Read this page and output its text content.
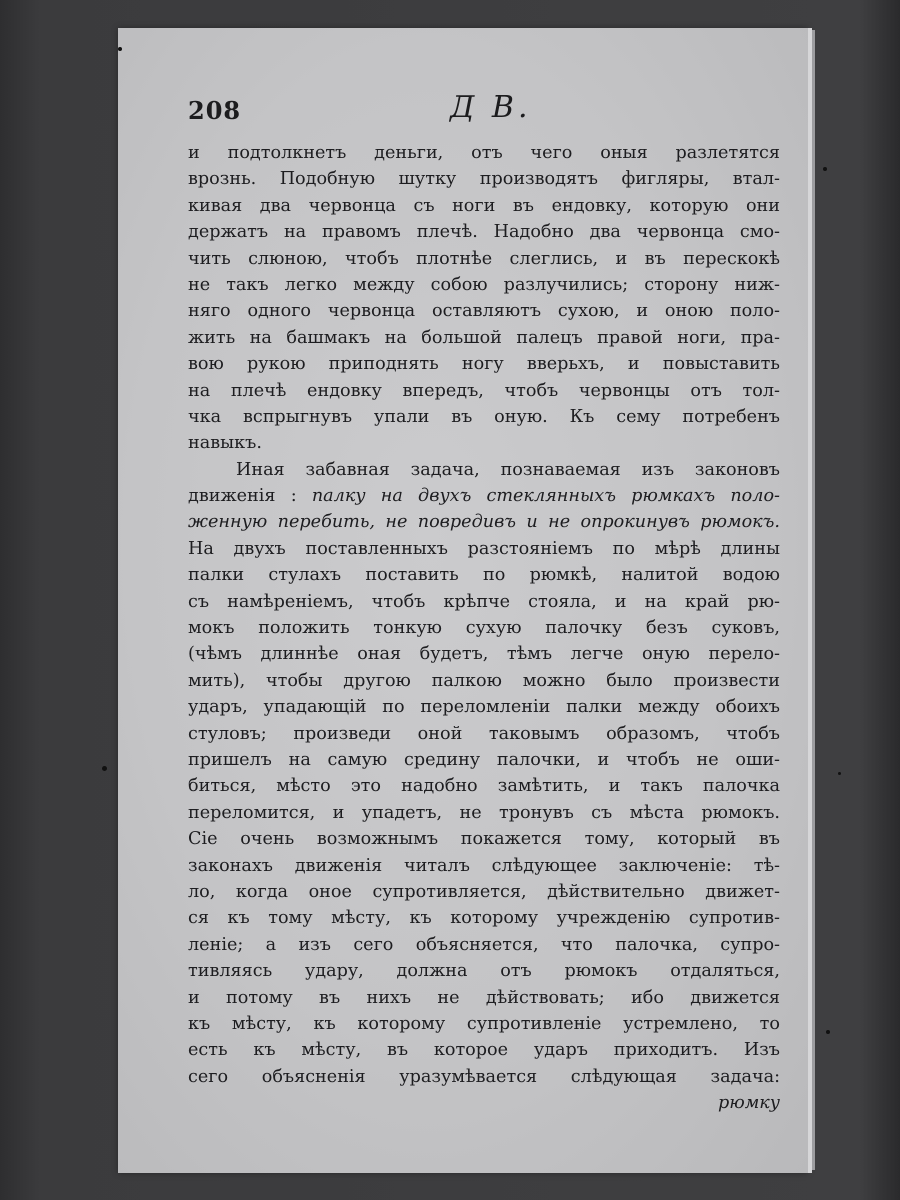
208	Д В.
и подтолкнетъ деньги, отъ чего оныя разлетятся
врознь. Подобную шутку производятъ фигляры, втал-
кивая два червонца съ ноги въ ендовку, которую они
держатъ на правомъ плечѣ. Надобно два червонца смо-
чить слюною, чтобъ плотнѣе слеглись, и въ перескокѣ
не такъ легко между собою разлучились; сторону ниж-
няго одного червонца оставляютъ сухою, и оною поло-
жить на башмакъ на большой палецъ правой ноги, пра-
вою рукою приподнять ногу вверьхъ, и повыставить
на плечѣ ендовку впередъ, чтобъ червонцы отъ тол-
чка вспрыгнувъ упали въ оную. Къ сему потребенъ
навыкъ.
Иная забавная задача, познаваемая изъ законовъ
движенія : палку на двухъ стеклянныхъ рюмкахъ поло-
женную перебить, не повредивъ и не опрокинувъ рюмокъ.
На двухъ поставленныхъ разстояніемъ по мѣрѣ длины
палки стулахъ поставить по рюмкѣ, налитой водою
съ намѣреніемъ, чтобъ крѣпче стояла, и на край рю-
мокъ положить тонкую сухую палочку безъ суковъ,
(чѣмъ длиннѣе оная будетъ, тѣмъ легче оную перело-
мить), чтобы другою палкою можно было произвести
ударъ, упадающій по переломленіи палки между обоихъ
стуловъ; произведи оной таковымъ образомъ, чтобъ
пришелъ на самую средину палочки, и чтобъ не оши-
биться, мѣсто это надобно замѣтить, и такъ палочка
переломится, и упадетъ, не тронувъ съ мѣста рюмокъ.
Сіе очень возможнымъ покажется тому, который въ
законахъ движенія читалъ слѣдующее заключеніе: тѣ-
ло, когда оное супротивляется, дѣйствительно движет-
ся къ тому мѣсту, къ которому учрежденію супротив-
леніе; а изъ сего объясняется, что палочка, супро-
тивляясь удару, должна отъ рюмокъ отдаляться,
и потому въ нихъ не дѣйствовать; ибо движется
къ мѣсту, къ которому супротивленіе устремлено, то
есть къ мѣсту, въ которое ударъ приходитъ. Изъ
сего объясненія уразумѣвается слѣдующая задача:
рюмку
